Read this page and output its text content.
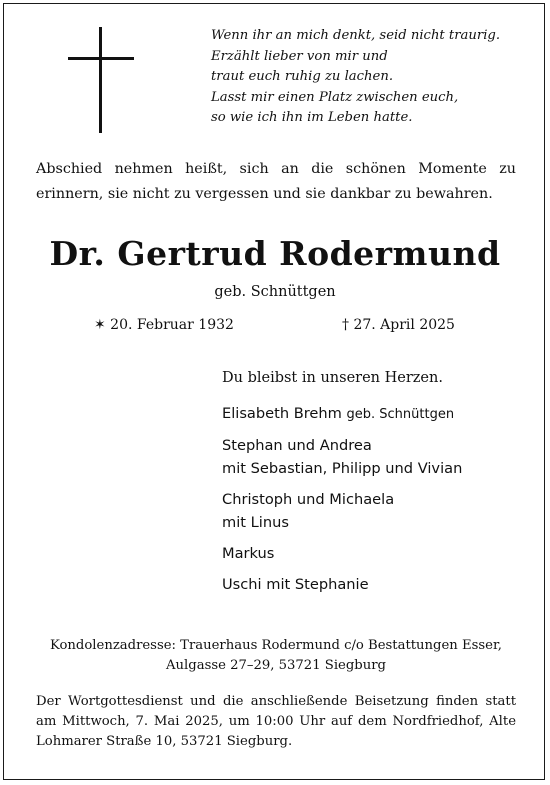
Wenn ihr an mich denkt, seid nicht traurig.
Erzählt lieber von mir und
traut euch ruhig zu lachen.
Lasst mir einen Platz zwischen euch,
so wie ich ihn im Leben hatte.
Abschied nehmen heißt, sich an die schönen Momente zu erinnern, sie nicht zu vergessen und sie dankbar zu bewahren.
Dr. Gertrud Rodermund
geb. Schnüttgen
✶ 20. Februar 1932	† 27. April 2025
Du bleibst in unseren Herzen.
Elisabeth Brehm geb. Schnüttgen
Stephan und Andrea
mit Sebastian, Philipp und Vivian
Christoph und Michaela
mit Linus
Markus
Uschi mit Stephanie
Kondolenzadresse: Trauerhaus Rodermund c/o Bestattungen Esser,
Aulgasse 27–29, 53721 Siegburg
Der Wortgottesdienst und die anschließende Beisetzung finden statt am Mittwoch, 7. Mai 2025, um 10:00 Uhr auf dem Nordfriedhof, Alte Lohmarer Straße 10, 53721 Siegburg.
